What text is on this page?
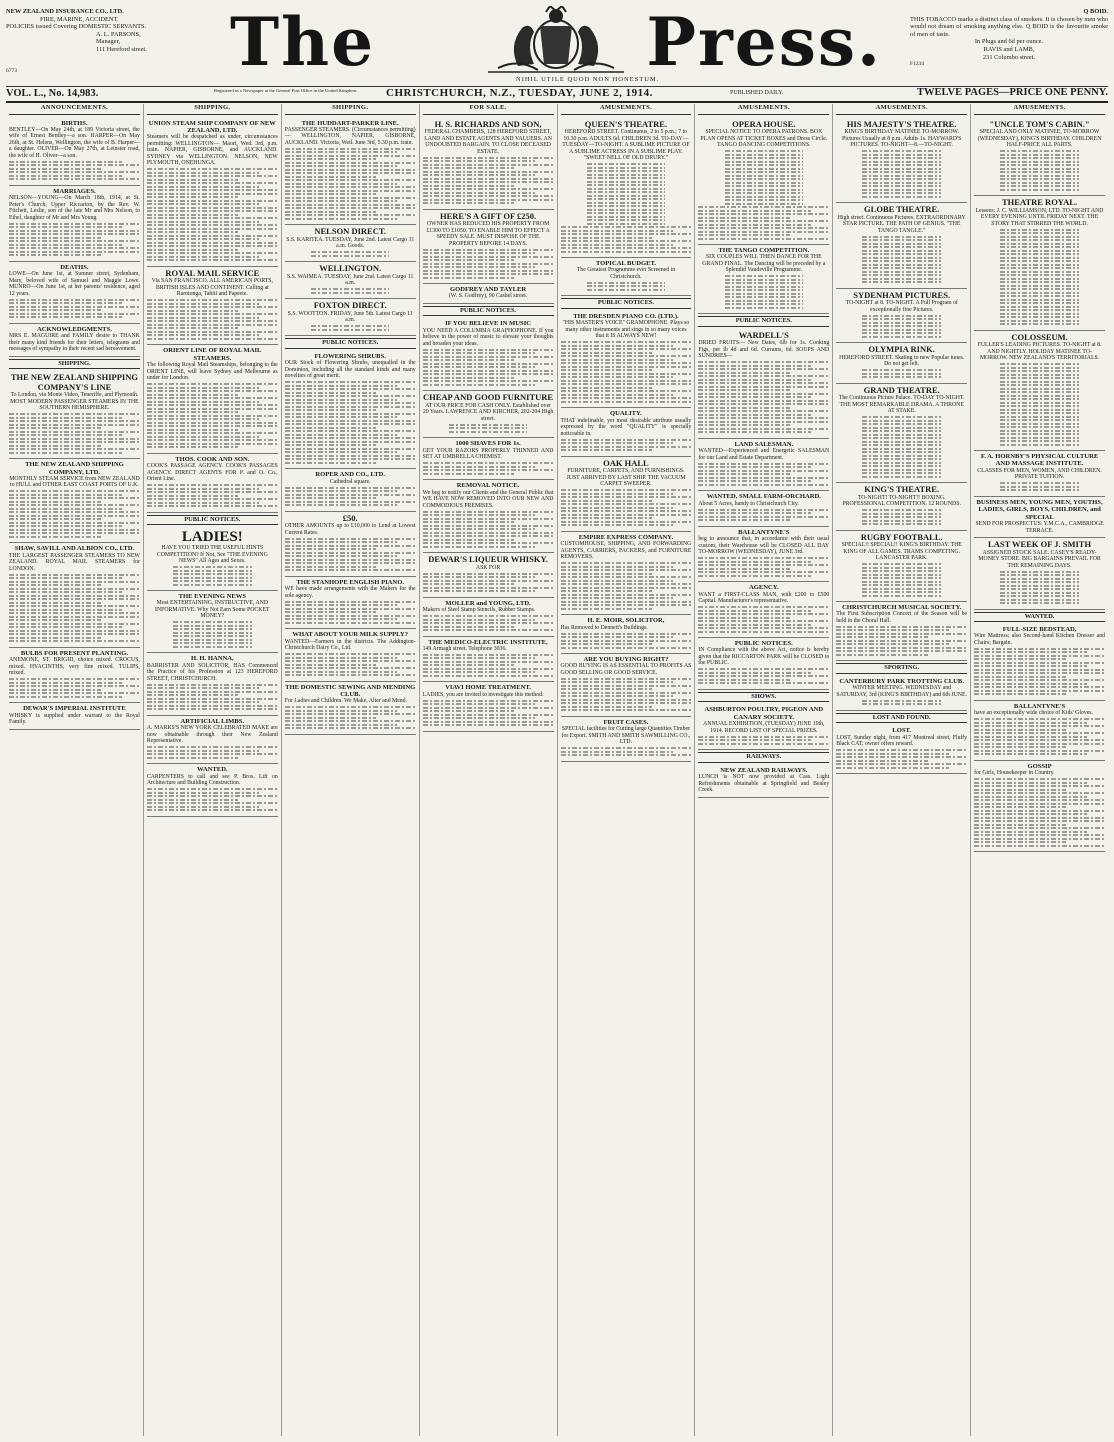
NEW ZEALAND INSURANCE CO., LTD.
FIRE, MARINE, ACCIDENT.
POLICIES issued Covering DOMESTIC SERVANTS.
A. L. PARSONS,
Manager,
111 Hereford street.
6773	The	Press.
NIHIL UTILE QUOD NON HONESTUM.
Q BOID.
THIS TOBACCO marks a distinct class of smokers. It is chosen by men who would not dream of smoking anything else. Q BOID is the favourite smoke of men of taste.
In Plugs and 6d per ounce.
RAVIS and LAMB,
231 Columbo street.
F1234
VOL. L., No. 14,983.	Registered as a Newspaper at the General Post Office in the United Kingdom.	CHRISTCHURCH, N.Z., TUESDAY, JUNE 2, 1914.	PUBLISHED DAILY.	TWELVE PAGES—PRICE ONE PENNY.
ANNOUNCEMENTS.
BIRTHS.
BENTLEY—On May 24th, at 189 Victoria street, the wife of Ernest Bentley—a son. HARPER—On May 26th, at St. Helens, Wellington, the wife of B. Harper—a daughter. OLIVER—On May 27th, at Leinster road, the wife of H. Oliver—a son.
MARRIAGES.
NELSON—YOUNG—On March 18th, 1914, at St. Peter's Church, Upper Riccarton, by the Rev. W. Fitchett, Leslie, son of the late Mr and Mrs Nelson, to Ethel, daughter of Mr and Mrs Young.
DEATHS.
LOWE—On June 1st, at Sumner street, Sydenham, Mary, beloved wife of Samuel and Maggie Lowe. MUNRO—On June 1st, at her parents' residence, aged 12 years.
ACKNOWLEDGMENTS.
MRS E. MAGUIRE and FAMILY desire to THANK their many kind friends for their letters, telegrams and messages of sympathy in their recent sad bereavement.
SHIPPING.
THE NEW ZEALAND SHIPPING COMPANY'S LINE
To London, via Monte Video, Teneriffe, and Plymouth. MOST MODERN PASSENGER STEAMERS IN THE SOUTHERN HEMISPHERE.
THE NEW ZEALAND SHIPPING COMPANY, LTD.
MONTHLY STEAM SERVICE from NEW ZEALAND to HULL and OTHER EAST COAST PORTS OF U.K.
SHAW, SAVILL AND ALBION CO., LTD.
THE LARGEST PASSENGER STEAMERS TO NEW ZEALAND. ROYAL MAIL STEAMERS for LONDON.
BULBS FOR PRESENT PLANTING.
ANEMONE, ST. BRIGID, choice mixed. CROCUS, mixed. HYACINTHS, very fine mixed. TULIPS, mixed.
DEWAR'S IMPERIAL INSTITUTE
WHISKY is supplied under warrant to the Royal Family.
SHIPPING.
UNION STEAM SHIP COMPANY OF NEW ZEALAND, LTD.
Steamers will be despatched as under, circumstances permitting: WELLINGTON— Maori, Wed. 3rd, p.m. train. NAPIER, GISBORNE, and AUCKLAND. SYDNEY via WELLINGTON. NELSON, NEW PLYMOUTH, ONEHUNGA.
ROYAL MAIL SERVICE
Via SAN FRANCISCO. ALL AMERICAN PORTS, BRITISH ISLES AND CONTINENT. Calling at Rarotonga, Tahiti and Papeete.
ORIENT LINE OF ROYAL MAIL STEAMERS.
The following Royal Mail Steamships, belonging to the ORIENT LINE, will leave Sydney and Melbourne as under for London.
THOS. COOK AND SON.
COOK'S PASSAGE AGENCY. COOK'S PASSAGES AGENCY. DIRECT AGENTS FOR P. and O. Co., Orient Line.
PUBLIC NOTICES.
LADIES!
HAVE YOU TRIED THE USEFUL HINTS COMPETITION? If Not, See "THE EVENING NEWS" All Ages and Sexes.
THE EVENING NEWS
Most ENTERTAINING, INSTRUCTIVE, AND INFORMATIVE. Why Not Earn Some POCKET MONEY?
H. H. HANNA,
BARRISTER AND SOLICITOR, HAS Commenced the Practice of his Profession at 123 HEREFORD STREET, CHRISTCHURCH.
ARTIFICIAL LIMBS.
A. MARKS'S NEW YORK CELEBRATED MAKE are now obtainable through their New Zealand Representative.
WANTED.
CARPENTERS to call and see P. Bros. Lift on Architecture and Building Construction.
SHIPPING.
THE HUDDART-PARKER LINE.
PASSENGER STEAMERS. (Circumstances permitting)— WELLINGTON, NAPIER, GISBORNE, AUCKLAND. Victoria, Wed. June 3rd, 5.30 p.m. train.
NELSON DIRECT.
S.S. KARITEA. TUESDAY, June 2nd. Latest Cargo 11 a.m. Goods.
WELLINGTON.
S.S. WAIMEA. TUESDAY, June 2nd. Latest Cargo 11 a.m.
FOXTON DIRECT.
S.S. WOOTTON. FRIDAY, June 5th. Latest Cargo 11 a.m.
PUBLIC NOTICES.
FLOWERING SHRUBS.
OUR Stock of Flowering Shrubs, unequalled in the Dominion, including all the standard kinds and many novelties of great merit.
ROPER AND CO., LTD.
Cathedral square.
£50.
OTHER AMOUNTS up to £10,000 to Lend at Lowest Current Rates.
THE STANHOPE ENGLISH PIANO.
WE have made arrangements with the Makers for the sole agency.
WHAT ABOUT YOUR MILK SUPPLY?
WANTED—Farmers in the districts. The Addington-Christchurch Dairy Co., Ltd.
THE DOMESTIC SEWING AND MENDING CLUB.
For Ladies and Children. We Make, Alter and Mend.
FOR SALE.
H. S. RICHARDS AND SON,
FEDERAL CHAMBERS, 128 HEREFORD STREET, LAND AND ESTATE AGENTS AND VALUERS. AN UNDOUBTED BARGAIN. TO CLOSE DECEASED ESTATE.
HERE'S A GIFT OF £250.
OWNER HAS REDUCED HIS PROPERTY FROM £1300 TO £1050. TO ENABLE HIM TO EFFECT A SPEEDY SALE. MUST DISPOSE OF THE PROPERTY BEFORE 14 DAYS.
GODFREY AND TAYLER
(W. S. Godfrey), 90 Cashel street.
PUBLIC NOTICES.
IF YOU BELIEVE IN MUSIC
YOU NEED A COLUMBIA GRAPHOPHONE. If you believe in the power of music to elevate your thoughts and broaden your ideas.
CHEAP AND GOOD FURNITURE
AT OUR PRICE FOR CASH ONLY. Established over 20 Years. LAWRENCE AND KIRCHER, 202-204 High street.
1000 SHAVES FOR 1s.
GET YOUR RAZORS PROPERLY THINNED AND SET AT UMBRELLA CHEMIST.
REMOVAL NOTICE.
We beg to notify our Clients and the General Public that WE HAVE NOW REMOVED INTO OUR NEW AND COMMODIOUS PREMISES.
DEWAR'S LIQUEUR WHISKY.
ASK FOR
MOLLER and YOUNG, LTD.
Makers of Steel Stamp Stencils, Rubber Stamps.
THE MEDICO-ELECTRIC INSTITUTE,
149 Armagh street. Telephone 3036.
VIAVI HOME TREATMENT.
LADIES, you are invited to investigate this method.
AMUSEMENTS.
QUEEN'S THEATRE.
HEREFORD STREET. Continuous, 2 to 5 p.m.; 7 to 10.30 p.m. ADULTS 6d. CHILDREN 3d. TO-DAY—TUESDAY—TO-NIGHT. A SUBLIME PICTURE OF A SUBLIME ACTRESS IN A SUBLIME PLAY. "SWEET NELL OF OLD DRURY."
TOPICAL BUDGET.
The Greatest Programme ever Screened in Christchurch.
PUBLIC NOTICES.
THE DRESDEN PIANO CO. (LTD.).
"HIS MASTER'S VOICE" GRAMOPHONE. Plays so many other instruments and sings in so many voices that it IS ALWAYS NEW!
QUALITY.
THAT indefinable, yet most desirable attribute usually expressed by the word "QUALITY" is specially noticeable in.
OAK HALL
FURNITURE, CARPETS, AND FURNISHINGS. JUST ARRIVED BY LAST SHIP. THE VACUUM CARPET SWEEPER.
EMPIRE EXPRESS COMPANY.
CUSTOMHOUSE, SHIPPING, AND FORWARDING AGENTS, CARRIERS, PACKERS, and FURNITURE REMOVERS.
H. E. MOIR, SOLICITOR,
Has Removed to Dennett's Buildings.
ARE YOU BUYING RIGHT?
GOOD BUYING IS AS ESSENTIAL TO PROFITS AS GOOD SELLING OR GOOD SERVICE.
FRUIT CASES.
SPECIAL facilities for Cutting large Quantities Timber for Export. SMITH AND SMITH SAWMILLING CO., LTD.
AMUSEMENTS.
OPERA HOUSE.
SPECIAL NOTICE TO OPERA PATRONS. BOX PLAN OPENS AT TICKET BOXES and Dress Circle. TANGO DANCING COMPETITIONS.
THE TANGO COMPETITION.
SIX COUPLES WILL THEN DANCE FOR THE GRAND FINAL. The Dancing will be preceded by a Splendid Vaudeville Programme.
PUBLIC NOTICES.
WARDELL'S
DRIED FRUITS— New Dates, 6lb for 1s. Cooking Figs, per lb 4d and 6d. Currants, 6d. SOUPS AND SUNDRIES—
LAND SALESMAN.
WANTED—Experienced and Energetic SALESMAN for our Land and Estate Department.
WANTED, SMALL FARM-ORCHARD.
About 5 Acres, handy to Christchurch City.
BALLANTYNE'S
beg to announce that, in accordance with their usual custom, their Warehouse will be CLOSED ALL DAY TO-MORROW (WEDNESDAY), JUNE 3rd.
AGENCY.
WANT a FIRST-CLASS MAN, with £200 to £500 Capital. Manufacturer's representative.
PUBLIC NOTICES.
IN Compliance with the above Act, notice is hereby given that the RICCARTON PARK will be CLOSED to the PUBLIC.
SHOWS.
ASHBURTON POULTRY, PIGEON AND CANARY SOCIETY.
ANNUAL EXHIBITION, (TUESDAY) JUNE 10th, 1914. RECORD LIST OF SPECIAL PRIZES.
RAILWAYS.
NEW ZEALAND RAILWAYS.
LUNCH is NOT now provided at Cass. Light Refreshments obtainable at Springfield and Bealey Creek.
AMUSEMENTS.
HIS MAJESTY'S THEATRE.
KING'S BIRTHDAY MATINEE TO-MORROW. Pictures Usually at 8 p.m. Adults 1s. HAYWARD'S PICTURES. TO-NIGHT—8.—TO-NIGHT.
GLOBE THEATRE.
High street. Continuous Pictures. EXTRAORDINARY STAR PICTURE. THE PATH OF GENIUS. "THE TANGO TANGLE."
SYDENHAM PICTURES.
TO-NIGHT at 8. TO-NIGHT. A Full Program of exceptionally fine Pictures.
OLYMPIA RINK.
HEREFORD STREET. Skating to new Popular tunes. Do not get left.
GRAND THEATRE.
The Continuous Picture Palace. TO-DAY TO-NIGHT. THE MOST REMARKABLE DRAMA. A THRONE AT STAKE.
KING'S THEATRE.
TO-NIGHT! TO-NIGHT!! BOXING. PROFESSIONAL COMPETITION. 12 ROUNDS.
RUGBY FOOTBALL.
SPECIAL!! SPECIAL!! KING'S BIRTHDAY. THE KING OF ALL GAMES. TRAMS COMPETING. LANCASTER PARK.
CHRISTCHURCH MUSICAL SOCIETY.
The First Subscription Concert of the Season will be held in the Choral Hall.
SPORTING.
CANTERBURY PARK TROTTING CLUB.
WINTER MEETING. WEDNESDAY and SATURDAY, 3rd (KING'S BIRTHDAY) and 6th JUNE.
LOST AND FOUND.
LOST.
LOST, Sunday night, from 417 Montreal street, Fluffy Black CAT; owner offers reward.
AMUSEMENTS.
"UNCLE TOM'S CABIN."
SPECIAL AND ONLY MATINEE, TO-MORROW (WEDNESDAY), KING'S BIRTHDAY. CHILDREN HALF-PRICE ALL PARTS.
THEATRE ROYAL.
Lessees: J. C. WILLIAMSON, LTD. TO-NIGHT AND EVERY EVENING UNTIL FRIDAY NEXT. THE STORY THAT STIRRED THE WORLD.
COLOSSEUM.
FULLER'S LEADING PICTURES. TO-NIGHT at 8. AND NIGHTLY. HOLIDAY MATINEE TO-MORROW. NEW ZEALAND'S TERRITORIALS.
F. A. HORNBY'S PHYSICAL CULTURE AND MASSAGE INSTITUTE.
CLASSES FOR MEN, WOMEN, AND CHILDREN. PRIVATE TUITION.
BUSINESS MEN, YOUNG MEN, YOUTHS, LADIES, GIRLS, BOYS, CHILDREN, and SPECIAL
SEND FOR PROSPECTUS. Y.M.C.A., CAMBRIDGE TERRACE.
LAST WEEK OF J. SMITH
ASSIGNED STOCK SALE. CASEY'S READY-MONEY STORE. BIG BARGAINS PREVAIL FOR THE REMAINING DAYS.
WANTED.
FULL-SIZE BEDSTEAD,
Wire Mattress; also Second-hand Kitchen Dresser and Chairs; Bargain.
BALLANTYNE'S
have an exceptionally wide choice of Kids' Gloves.
GOSSIP
for Girls, Housekeeper in Country.
